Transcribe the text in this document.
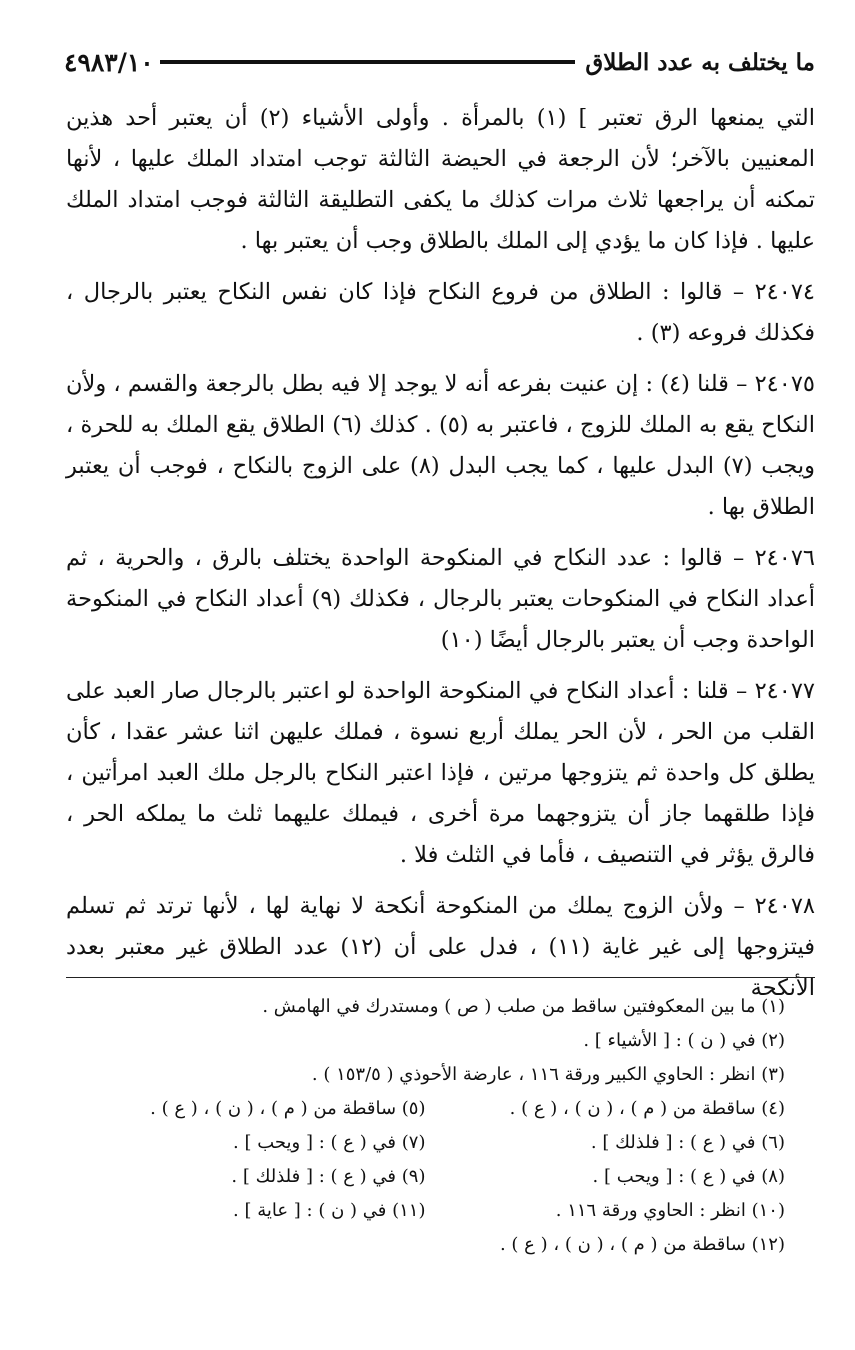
ما يختلف به عدد الطلاق
٤٩٨٣/١٠

التي يمنعها الرق تعتبر ] (١) بالمرأة . وأولى الأشياء (٢) أن يعتبر أحد هذين المعنيين بالآخر؛ لأن الرجعة في الحيضة الثالثة توجب امتداد الملك عليها ، لأنها تمكنه أن يراجعها ثلاث مرات كذلك ما يكفى التطليقة الثالثة فوجب امتداد الملك عليها . فإذا كان ما يؤدي إلى الملك بالطلاق وجب أن يعتبر بها .

٢٤٠٧٤ – قالوا : الطلاق من فروع النكاح فإذا كان نفس النكاح يعتبر بالرجال ، فكذلك فروعه (٣) .

٢٤٠٧٥ – قلنا (٤) : إن عنيت بفرعه أنه لا يوجد إلا فيه بطل بالرجعة والقسم ، ولأن النكاح يقع به الملك للزوج ، فاعتبر به (٥) . كذلك (٦) الطلاق يقع الملك به للحرة ، ويجب (٧) البدل عليها ، كما يجب البدل (٨) على الزوج بالنكاح ، فوجب أن يعتبر الطلاق بها .

٢٤٠٧٦ – قالوا : عدد النكاح في المنكوحة الواحدة يختلف بالرق ، والحرية ، ثم أعداد النكاح في المنكوحات يعتبر بالرجال ، فكذلك (٩) أعداد النكاح في المنكوحة الواحدة وجب أن يعتبر بالرجال أيضًا (١٠)

٢٤٠٧٧ – قلنا : أعداد النكاح في المنكوحة الواحدة لو اعتبر بالرجال صار العبد على القلب من الحر ، لأن الحر يملك أربع نسوة ، فملك عليهن اثنا عشر عقدا ، كأن يطلق كل واحدة ثم يتزوجها مرتين ، فإذا اعتبر النكاح بالرجل ملك العبد امرأتين ، فإذا طلقهما جاز أن يتزوجهما مرة أخرى ، فيملك عليهما ثلث ما يملكه الحر ، فالرق يؤثر في التنصيف ، فأما في الثلث فلا .

٢٤٠٧٨ – ولأن الزوج يملك من المنكوحة أنكحة لا نهاية لها ، لأنها ترتد ثم تسلم فيتزوجها إلى غير غاية (١١) ، فدل على أن (١٢) عدد الطلاق غير معتبر بعدد الأنكحة

(١) ما بين المعكوفتين ساقط من صلب ( ص ) ومستدرك في الهامش .
(٢) في ( ن ) : [ الأشياء ] .
(٣) انظر : الحاوي الكبير ورقة ١١٦ ، عارضة الأحوذي ( ١٥٣/٥ ) .
(٤) ساقطة من ( م ) ، ( ن ) ، ( ع ) .
(٥) ساقطة من ( م ) ، ( ن ) ، ( ع ) .
(٦) في ( ع ) : [ فلذلك ] .
(٧) في ( ع ) : [ ويحب ] .
(٨) في ( ع ) : [ ويحب ] .
(٩) في ( ع ) : [ فلذلك ] .
(١٠) انظر : الحاوي ورقة ١١٦ .
(١١) في ( ن ) : [ عاية ] .
(١٢) ساقطة من ( م ) ، ( ن ) ، ( ع ) .
